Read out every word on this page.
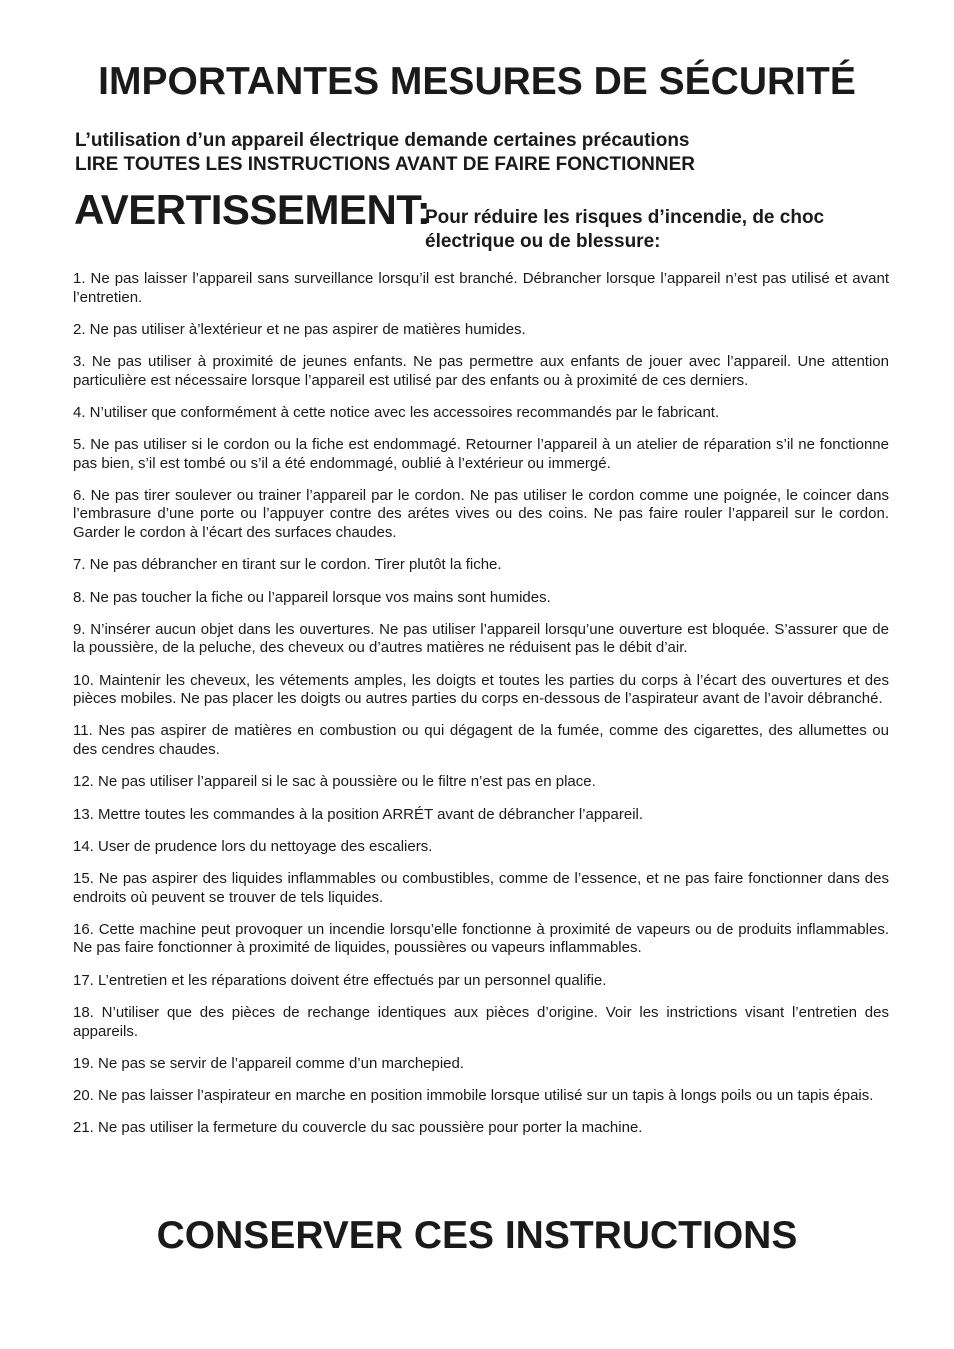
IMPORTANTES MESURES DE SÉCURITÉ

L’utilisation d’un appareil électrique demande certaines précautions

LIRE TOUTES LES INSTRUCTIONS AVANT DE FAIRE FONCTIONNER

AVERTISSEMENT:

Pour réduire les risques d’incendie, de choc électrique ou de blessure:

1. Ne pas laisser l’appareil sans surveillance lorsqu’il est branché. Débrancher lorsque l’appareil n’est pas utilisé et avant l’entretien.
2. Ne pas utiliser à’lextérieur et ne pas aspirer de matières humides.
3. Ne pas utiliser à proximité de jeunes enfants. Ne pas permettre aux enfants de jouer avec l’appareil. Une attention particulière est nécessaire lorsque l’appareil est utilisé par des enfants ou à proximité de ces derniers.
4. N’utiliser que conformément à cette notice avec les accessoires recommandés par le fabricant.
5. Ne pas utiliser si le cordon ou la fiche est endommagé. Retourner l’appareil à un atelier de réparation s’il ne fonctionne pas bien, s’il est tombé ou s’il a été endommagé, oublié à l’extérieur ou immergé.
6. Ne pas tirer soulever ou trainer l’appareil par le cordon. Ne pas utiliser le cordon comme une poignée, le coincer dans l’embrasure d’une porte ou l’appuyer contre des arétes vives ou des coins. Ne pas faire rouler l’appareil sur le cordon. Garder le cordon à l’écart des surfaces chaudes.
7. Ne pas débrancher en tirant sur le cordon. Tirer plutôt la fiche.
8. Ne pas toucher la fiche ou l’appareil lorsque vos mains sont humides.
9. N’insérer aucun objet dans les ouvertures. Ne pas utiliser l’appareil lorsqu’une ouverture est bloquée. S’assurer que de la poussière, de la peluche, des cheveux ou d’autres matières ne réduisent pas le débit d’air.
10. Maintenir les cheveux, les vétements amples, les doigts et toutes les parties du corps à l’écart des ouvertures et des pièces mobiles. Ne pas placer les doigts ou autres parties du corps en-dessous de l’aspirateur avant de l’avoir débranché.
11. Nes pas aspirer de matières en combustion ou qui dégagent de la fumée, comme des cigarettes, des allumettes ou des cendres chaudes.
12. Ne pas utiliser l’appareil si le sac à poussière ou le filtre n’est pas en place.
13. Mettre toutes les commandes à la position ARRÉT avant de débrancher l’appareil.
14. User de prudence lors du nettoyage des escaliers.
15. Ne pas aspirer des liquides inflammables ou combustibles, comme de l’essence, et ne pas faire fonctionner dans des endroits où peuvent se trouver de tels liquides.
16. Cette machine peut provoquer un incendie lorsqu’elle fonctionne à proximité de vapeurs ou de produits inflammables. Ne pas faire fonctionner à proximité de liquides, poussières ou vapeurs inflammables.
17. L’entretien et les réparations doivent étre effectués par un personnel qualifie.
18. N’utiliser que des pièces de rechange identiques aux pièces d’origine. Voir les instrictions visant l’entretien des appareils.
19. Ne pas se servir de l’appareil comme d’un marchepied.
20. Ne pas laisser l’aspirateur en marche en position immobile lorsque utilisé sur un tapis à longs poils ou un tapis épais.
21. Ne pas utiliser la fermeture du couvercle du sac poussière pour porter la machine.
CONSERVER CES INSTRUCTIONS
